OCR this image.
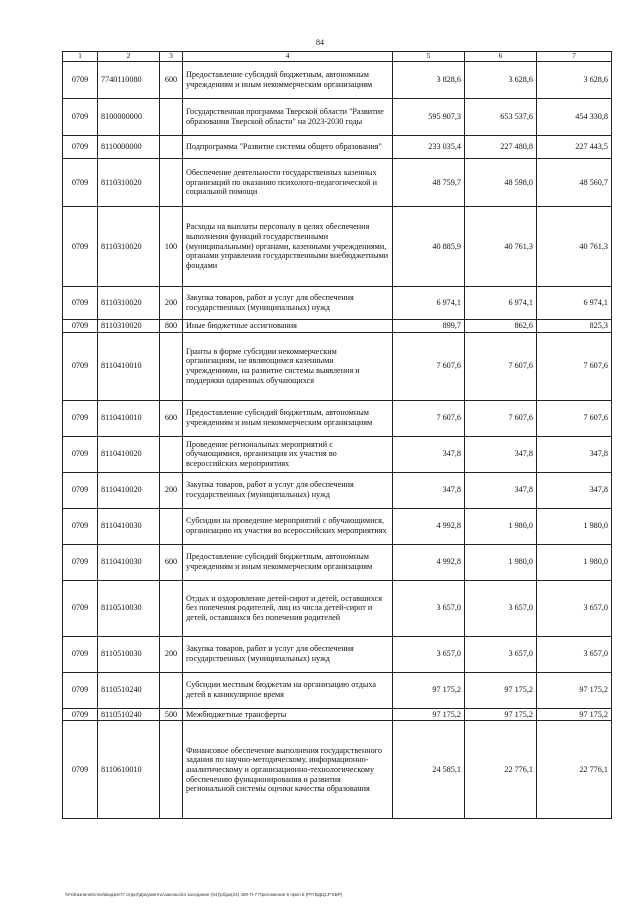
84
1	2	3	4	5	6	7
0709	7740110080	600	Предоставление субсидий бюджетным, автономным учреждениям и иным некоммерческим организациям	3 828,6	3 628,6	3 628,6
0709	8100000000		Государственная программа Тверской области "Развитие образования Тверской области" на 2023-2030 годы	595 907,3	653 537,6	454 330,8
0709	8110000000		Подпрограмма "Развитие системы общего образования"	233 035,4	227 480,8	227 443,5
0709	8110310020		Обеспечение деятельности государственных казенных организаций по оказанию психолого-педагогической и социальной помощи	48 759,7	48 598,0	48 560,7
0709	8110310020	100	Расходы на выплаты персоналу в целях обеспечения выполнения функций государственными (муниципальными) органами, казенными учреждениями, органами управления государственными внебюджетными фондами	40 885,9	40 761,3	40 761,3
0709	8110310020	200	Закупка товаров, работ и услуг для обеспечения государственных (муниципальных) нужд	6 974,1	6 974,1	6 974,1
0709	8110310020	800	Иные бюджетные ассигнования	899,7	862,6	825,3
0709	8110410010		Гранты в форме субсидии некоммерческим организациям, не являющимся казенными учреждениями, на развитие системы выявления и поддержки одаренных обучающихся	7 607,6	7 607,6	7 607,6
0709	8110410010	600	Предоставление субсидий бюджетным, автономным учреждениям и иным некоммерческим организациям	7 607,6	7 607,6	7 607,6
0709	8110410020		Проведение региональных мероприятий с обучающимися, организация их участия во всероссийских мероприятиях	347,8	347,8	347,8
0709	8110410020	200	Закупка товаров, работ и услуг для обеспечения государственных (муниципальных) нужд	347,8	347,8	347,8
0709	8110410030		Субсидии на проведение мероприятий с обучающимися, организацию их участия во всероссийских мероприятиях	4 992,8	1 980,0	1 980,0
0709	8110410030	600	Предоставление субсидий бюджетным, автономным учреждениям и иным некоммерческим организациям	4 992,8	1 980,0	1 980,0
0709	8110510030		Отдых и оздоровление детей-сирот и детей, оставшихся без попечения родителей, лиц из числа детей-сирот и детей, оставшихся без попечения родителей	3 657,0	3 657,0	3 657,0
0709	8110510030	200	Закупка товаров, работ и услуг для обеспечения государственных (муниципальных) нужд	3 657,0	3 657,0	3 657,0
0709	8110510240		Субсидии местным бюджетам на организацию отдыха детей в каникулярное время	97 175,2	97 175,2	97 175,2
0709	8110510240	500	Межбюджетные трансферты	97 175,2	97 175,2	97 175,2
0709	8110610010		Финансовое обеспечение выполнения государственного задания по научно-методическому, информационно-аналитическому и организационно-технологическому обеспечению функционирования и развития региональной системы оценки качества образования	24 585,1	22 776,1	22 776,1
\\Fs\Казначейство\Бюджет\7 отдел\Документы\законы\24 заседание (04)\рбдж(24) 460-П-7 Приложение 5 прил 6 (РП ВДЦСР КВР)
